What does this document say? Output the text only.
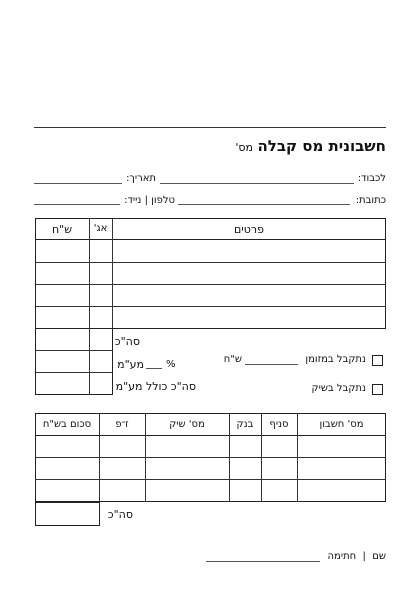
חשבונית מס קבלה
מס'
לכבוד:
תאריך:
כתובת:
טלפון | נייד:
פרטים
אג'
ש"ח
סה"כ
מע"מ %
סה"כ כולל מע"מ
נתקבל במזומן
ש"ח
נתקבל בשיק
מס' חשבון
סניף
בנק
מס' שיק
ז־פ
סכום בש"ח
סה"כ
שם  |  חתימה
